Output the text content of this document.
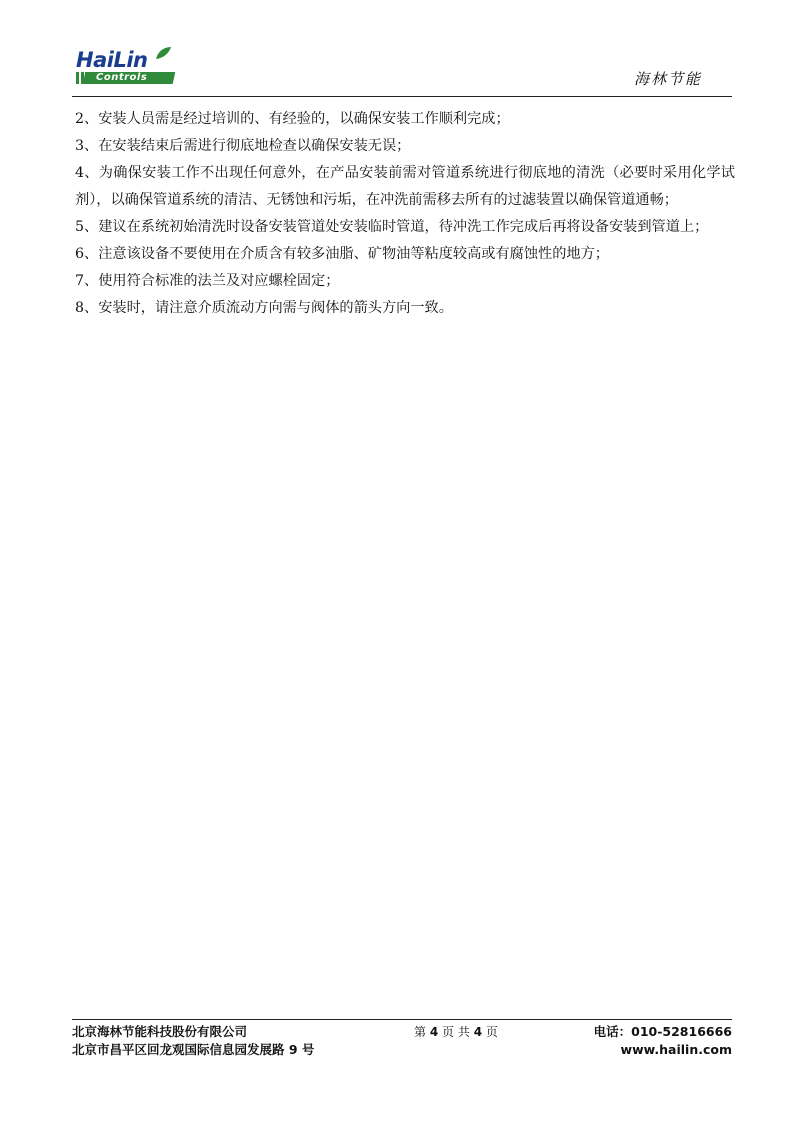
HaiLin
Controls	海林节能

2、安装人员需是经过培训的、有经验的，以确保安装工作顺利完成；

3、在安装结束后需进行彻底地检查以确保安装无误；

4、为确保安装工作不出现任何意外，在产品安装前需对管道系统进行彻底地的清洗（必要时采用化学试剂），以确保管道系统的清洁、无锈蚀和污垢，在冲洗前需移去所有的过滤装置以确保管道通畅；

5、建议在系统初始清洗时设备安装管道处安装临时管道，待冲洗工作完成后再将设备安装到管道上；

6、注意该设备不要使用在介质含有较多油脂、矿物油等粘度较高或有腐蚀性的地方；

7、使用符合标准的法兰及对应螺栓固定；

8、安装时，请注意介质流动方向需与阀体的箭头方向一致。

北京海林节能科技股份有限公司	第 4 页 共 4 页	电话：010-52816666
北京市昌平区回龙观国际信息园发展路 9 号	www.hailin.com
